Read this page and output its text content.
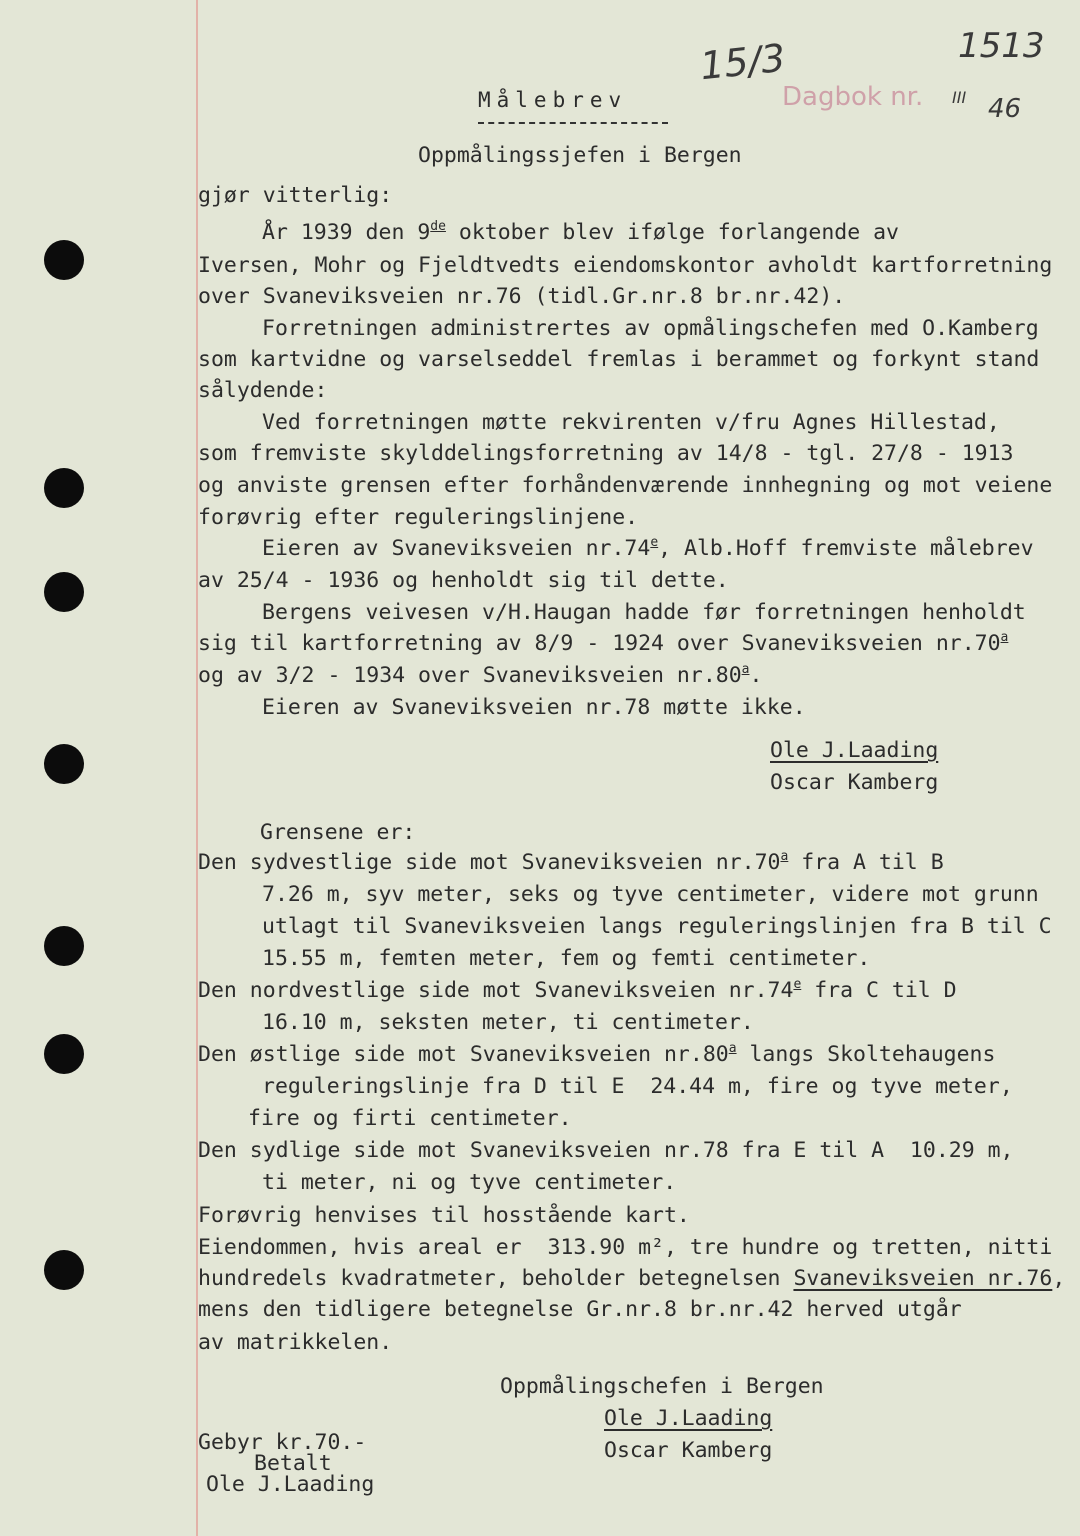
Målebrev
Oppmålingssjefen i Bergen
15/3
Dagbok nr.
1513
III 46
gjør vitterlig:
År 1939 den 9de oktober blev ifølge forlangende av
Iversen, Mohr og Fjeldtvedts eiendomskontor avholdt kartforretning
over Svaneviksveien nr.76 (tidl.Gr.nr.8 br.nr.42).
Forretningen administrertes av opmålingschefen med O.Kamberg
som kartvidne og varselseddel fremlas i berammet og forkynt stand
sålydende:
Ved forretningen møtte rekvirenten v/fru Agnes Hillestad,
som fremviste skylddelingsforretning av 14/8 - tgl. 27/8 - 1913
og anviste grensen efter forhåndenværende innhegning og mot veiene
forøvrig efter reguleringslinjene.
Eieren av Svaneviksveien nr.74e, Alb.Hoff fremviste målebrev
av 25/4 - 1936 og henholdt sig til dette.
Bergens veivesen v/H.Haugan hadde før forretningen henholdt
sig til kartforretning av 8/9 - 1924 over Svaneviksveien nr.70$^a$
og av 3/2 - 1934 over Svaneviksveien nr.80$^a$.
Eieren av Svaneviksveien nr.78 møtte ikke.
Ole J.Laading
Oscar Kamberg
Grensene er:
Den sydvestlige side mot Svaneviksveien nr.70$^a$ fra A til B
7.26 m, syv meter, seks og tyve centimeter, videre mot grunn
utlagt til Svaneviksveien langs reguleringslinjen fra B til C
15.55 m, femten meter, fem og femti centimeter.
Den nordvestlige side mot Svaneviksveien nr.74e fra C til D
16.10 m, seksten meter, ti centimeter.
Den østlige side mot Svaneviksveien nr.80$^a$ langs Skoltehaugens
reguleringslinje fra D til E  24.44 m, fire og tyve meter,
fire og firti centimeter.
Den sydlige side mot Svaneviksveien nr.78 fra E til A  10.29 m,
ti meter, ni og tyve centimeter.
Forøvrig henvises til hosstående kart.
Eiendommen, hvis areal er  313.90 m², tre hundre og tretten, nitti
hundredels kvadratmeter, beholder betegnelsen Svaneviksveien nr.76,
mens den tidligere betegnelse Gr.nr.8 br.nr.42 herved utgår
av matrikkelen.
Oppmålingschefen i Bergen
Ole J.Laading
Oscar Kamberg
Gebyr kr.70.-
Betalt
Ole J.Laading
